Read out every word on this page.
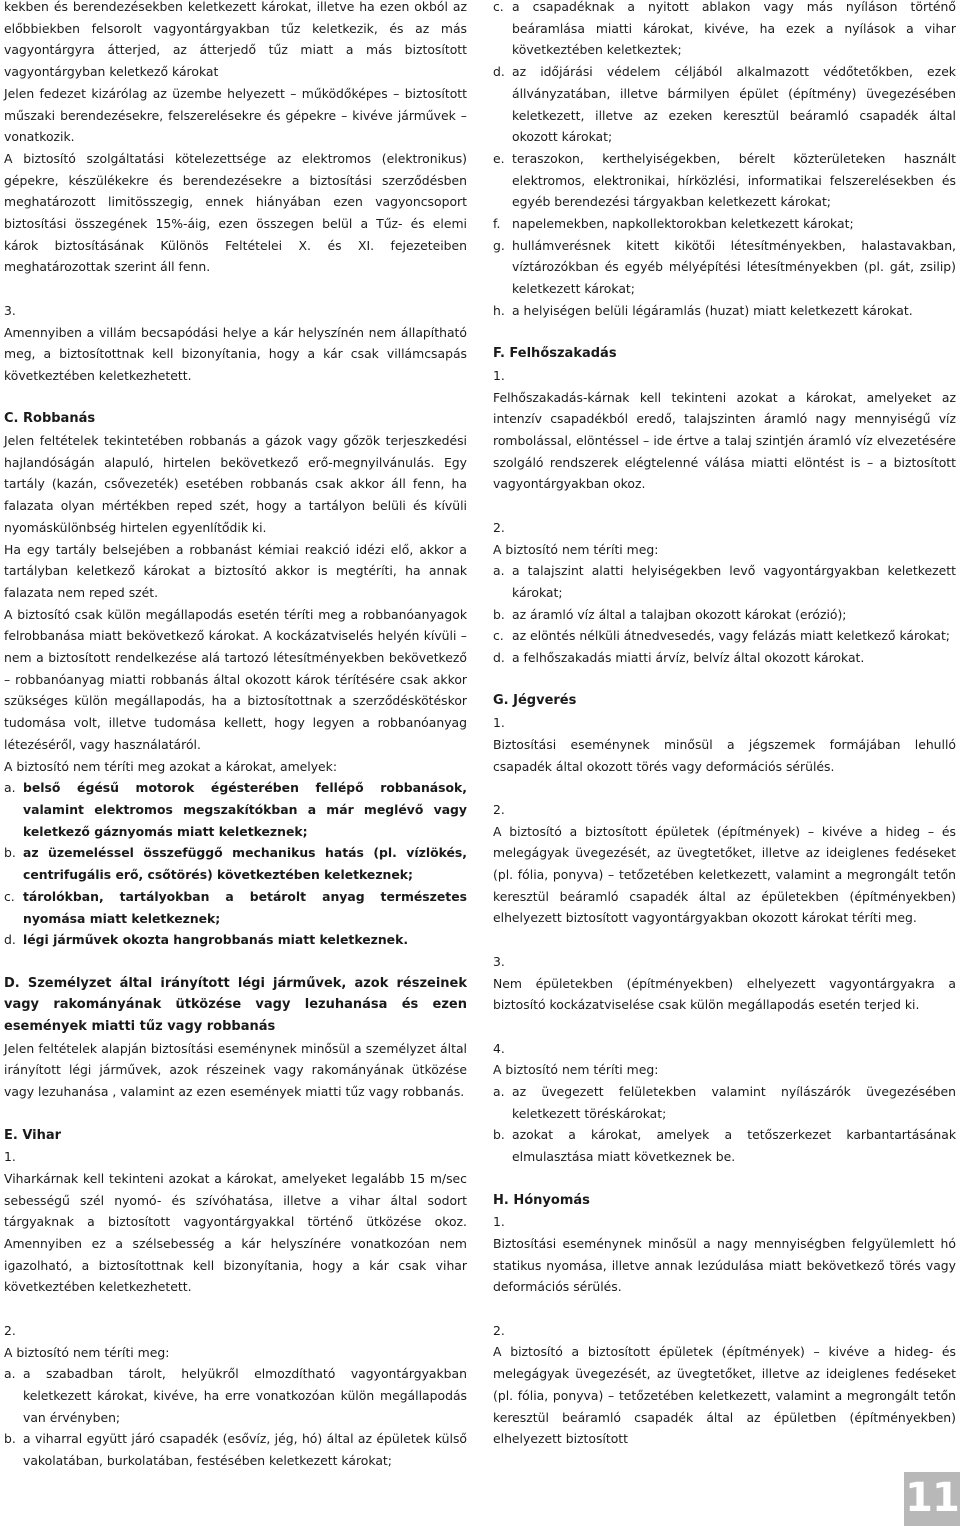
kekben és berendezésekben keletkezett károkat, illetve ha ezen okból az előbbiekben felsorolt vagyontárgyakban tűz keletkezik, és az más vagyontárgyra átterjed, az átterjedő tűz miatt a más biztosított vagyontárgyban keletkező károkat

Jelen fedezet kizárólag az üzembe helyezett – működőképes – biztosított műszaki berendezésekre, felszerelésekre és gépekre – kivéve járművek – vonatkozik.

A biztosító szolgáltatási kötelezettsége az elektromos (elektronikus) gépekre, készülékekre és berendezésekre a biztosítási szerződésben meghatározott limitösszegig, ennek hiányában ezen vagyoncsoport biztosítási összegének 15%-áig, ezen összegen belül a Tűz- és elemi károk biztosításának Különös Feltételei X. és XI. fejezeteiben meghatározottak szerint áll fenn.

3.

Amennyiben a villám becsapódási helye a kár helyszínén nem állapítható meg, a biztosítottnak kell bizonyítania, hogy a kár csak villámcsapás következtében keletkezhetett.

C. Robbanás

Jelen feltételek tekintetében robbanás a gázok vagy gőzök terjeszkedési hajlandóságán alapuló, hirtelen bekövetkező erő-megnyilvánulás. Egy tartály (kazán, csővezeték) esetében robbanás csak akkor áll fenn, ha falazata olyan mértékben reped szét, hogy a tartályon belüli és kívüli nyomáskülönbség hirtelen egyenlítődik ki.

Ha egy tartály belsejében a robbanást kémiai reakció idézi elő, akkor a tartályban keletkező károkat a biztosító akkor is megtéríti, ha annak falazata nem reped szét.

A biztosító csak külön megállapodás esetén téríti meg a robbanóanyagok felrobbanása miatt bekövetkező károkat. A kockázatviselés helyén kívüli – nem a biztosított rendelkezése alá tartozó létesítményekben bekövetkező – robbanóanyag miatti robbanás által okozott károk térítésére csak akkor szükséges külön megállapodás, ha a biztosítottnak a szerződéskötéskor tudomása volt, illetve tudomása kellett, hogy legyen a robbanóanyag létezéséről, vagy használatáról.

A biztosító nem téríti meg azokat a károkat, amelyek:

a. belső égésű motorok égésterében fellépő robbanások, valamint elektromos megszakítókban a már meglévő vagy keletkező gáznyomás miatt keletkeznek;
b. az üzemeléssel összefüggő mechanikus hatás (pl. vízlökés, centrifugális erő, csőtörés) következtében keletkeznek;
c. tárolókban, tartályokban a betárolt anyag természetes nyomása miatt keletkeznek;
d. légi járművek okozta hangrobbanás miatt keletkeznek.

D. Személyzet által irányított légi járművek, azok részeinek vagy rakományának ütközése vagy lezuhanása és ezen események miatti tűz vagy robbanás

Jelen feltételek alapján biztosítási eseménynek minősül a személyzet által irányított légi járművek, azok részeinek vagy rakományának ütközése vagy lezuhanása , valamint az ezen események miatti tűz vagy robbanás.

E. Vihar

1.

Viharkárnak kell tekinteni azokat a károkat, amelyeket legalább 15 m/sec sebességű szél nyomó- és szívóhatása, illetve a vihar által sodort tárgyaknak a biztosított vagyontárgyakkal történő ütközése okoz. Amennyiben ez a szélsebesség a kár helyszínére vonatkozóan nem igazolható, a biztosítottnak kell bizonyítania, hogy a kár csak vihar következtében keletkezhetett.

2.

A biztosító nem téríti meg:

a. a szabadban tárolt, helyükről elmozdítható vagyontárgyakban keletkezett károkat, kivéve, ha erre vonatkozóan külön megállapodás van érvényben;
b. a viharral együtt járó csapadék (esővíz, jég, hó) által az épületek külső vakolatában, burkolatában, festésében keletkezett károkat;
c. a csapadéknak a nyitott ablakon vagy más nyíláson történő beáramlása miatti károkat, kivéve, ha ezek a nyílások a vihar következtében keletkeztek;
d. az időjárási védelem céljából alkalmazott védőtetőkben, ezek állványzatában, illetve bármilyen épület (építmény) üvegezésében keletkezett, illetve az ezeken keresztül beáramló csapadék által okozott károkat;
e. teraszokon, kerthelyiségekben, bérelt közterületeken használt elektromos, elektronikai, hírközlési, informatikai felszerelésekben és egyéb berendezési tárgyakban keletkezett károkat;
f. napelemekben, napkollektorokban keletkezett károkat;
g. hullámverésnek kitett kikötői létesítményekben, halastavakban, víztározókban és egyéb mélyépítési létesítményekben (pl. gát, zsilip) keletkezett károkat;
h. a helyiségen belüli légáramlás (huzat) miatt keletkezett károkat.

F. Felhőszakadás

1.

Felhőszakadás-kárnak kell tekinteni azokat a károkat, amelyeket az intenzív csapadékból eredő, talajszinten áramló nagy mennyiségű víz rombolással, elöntéssel – ide értve a talaj szintjén áramló víz elvezetésére szolgáló rendszerek elégtelenné válása miatti elöntést is – a biztosított vagyontárgyakban okoz.

2.

A biztosító nem téríti meg:

a. a talajszint alatti helyiségekben levő vagyontárgyakban keletkezett károkat;
b. az áramló víz által a talajban okozott károkat (erózió);
c. az elöntés nélküli átnedvesedés, vagy felázás miatt keletkező károkat;
d. a felhőszakadás miatti árvíz, belvíz által okozott károkat.

G. Jégverés

1.

Biztosítási eseménynek minősül a jégszemek formájában lehulló csapadék által okozott törés vagy deformációs sérülés.

2.

A biztosító a biztosított épületek (építmények) – kivéve a hideg – és melegágyak üvegezését, az üvegtetőket, illetve az ideiglenes fedéseket (pl. fólia, ponyva) – tetőzetében keletkezett, valamint a megrongált tetőn keresztül beáramló csapadék által az épületekben (építményekben) elhelyezett biztosított vagyontárgyakban okozott károkat téríti meg.

3.

Nem épületekben (építményekben) elhelyezett vagyontárgyakra a biztosító kockázatviselése csak külön megállapodás esetén terjed ki.

4.

A biztosító nem téríti meg:

a. az üvegezett felületekben valamint nyílászárók üvegezésében keletkezett töréskárokat;
b. azokat a károkat, amelyek a tetőszerkezet karbantartásának elmulasztása miatt következnek be.

H. Hónyomás

1.

Biztosítási eseménynek minősül a nagy mennyiségben felgyülemlett hó statikus nyomása, illetve annak lezúdulása miatt bekövetkező törés vagy deformációs sérülés.

2.

A biztosító a biztosított épületek (építmények) – kivéve a hideg- és melegágyak üvegezését, az üvegtetőket, illetve az ideiglenes fedéseket (pl. fólia, ponyva) – tetőzetében keletkezett, valamint a megrongált tetőn keresztül beáramló csapadék által az épületben (építményekben) elhelyezett biztosított

11
